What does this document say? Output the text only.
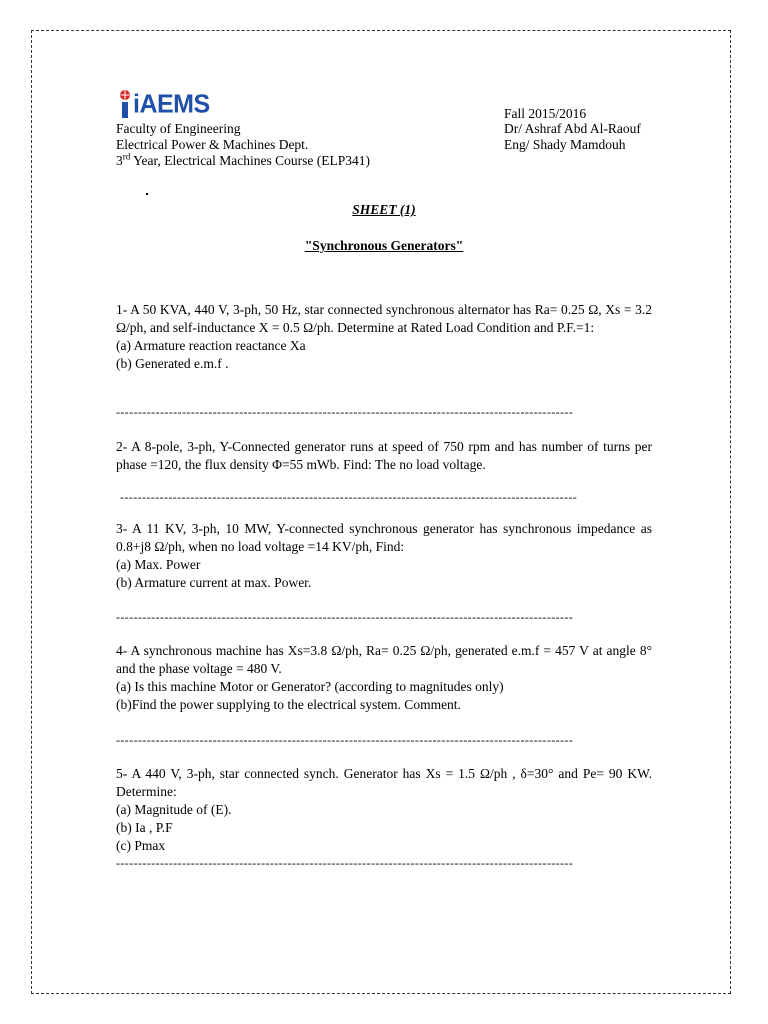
iAEMS
Faculty of Engineering
Electrical Power & Machines Dept.
3rd Year, Electrical Machines Course (ELP341)
Fall 2015/2016
Dr/ Ashraf Abd Al-Raouf
Eng/ Shady Mamdouh
SHEET (1)
"Synchronous Generators"

1- A 50 KVA, 440 V, 3-ph, 50 Hz, star connected synchronous alternator has Ra= 0.25 Ω, Xs = 3.2 Ω/ph, and self-inductance X = 0.5 Ω/ph. Determine at Rated Load Condition and P.F.=1:

(a) Armature reaction reactance Xa

(b) Generated e.m.f .

--------------------------------------------------------------------------------------------------------

2- A 8-pole, 3-ph, Y-Connected generator runs at speed of 750 rpm and has number of turns per phase =120, the flux density Φ=55 mWb. Find: The no load voltage.

--------------------------------------------------------------------------------------------------------

3- A 11 KV, 3-ph, 10 MW, Y-connected synchronous generator has synchronous impedance as 0.8+j8 Ω/ph, when no load voltage =14 KV/ph, Find:

(a) Max. Power

(b) Armature current at max. Power.

--------------------------------------------------------------------------------------------------------

4- A synchronous machine has Xs=3.8 Ω/ph, Ra= 0.25 Ω/ph, generated e.m.f = 457 V at angle 8° and the phase voltage = 480 V.

(a) Is this machine Motor or Generator? (according to magnitudes only)

(b)Find the power supplying to the electrical system. Comment.

--------------------------------------------------------------------------------------------------------

5- A 440 V, 3-ph, star connected synch. Generator has Xs = 1.5 Ω/ph , δ=30° and Pe= 90 KW. Determine:

(a) Magnitude of (E).

(b) Ia , P.F

(c) Pmax

--------------------------------------------------------------------------------------------------------
